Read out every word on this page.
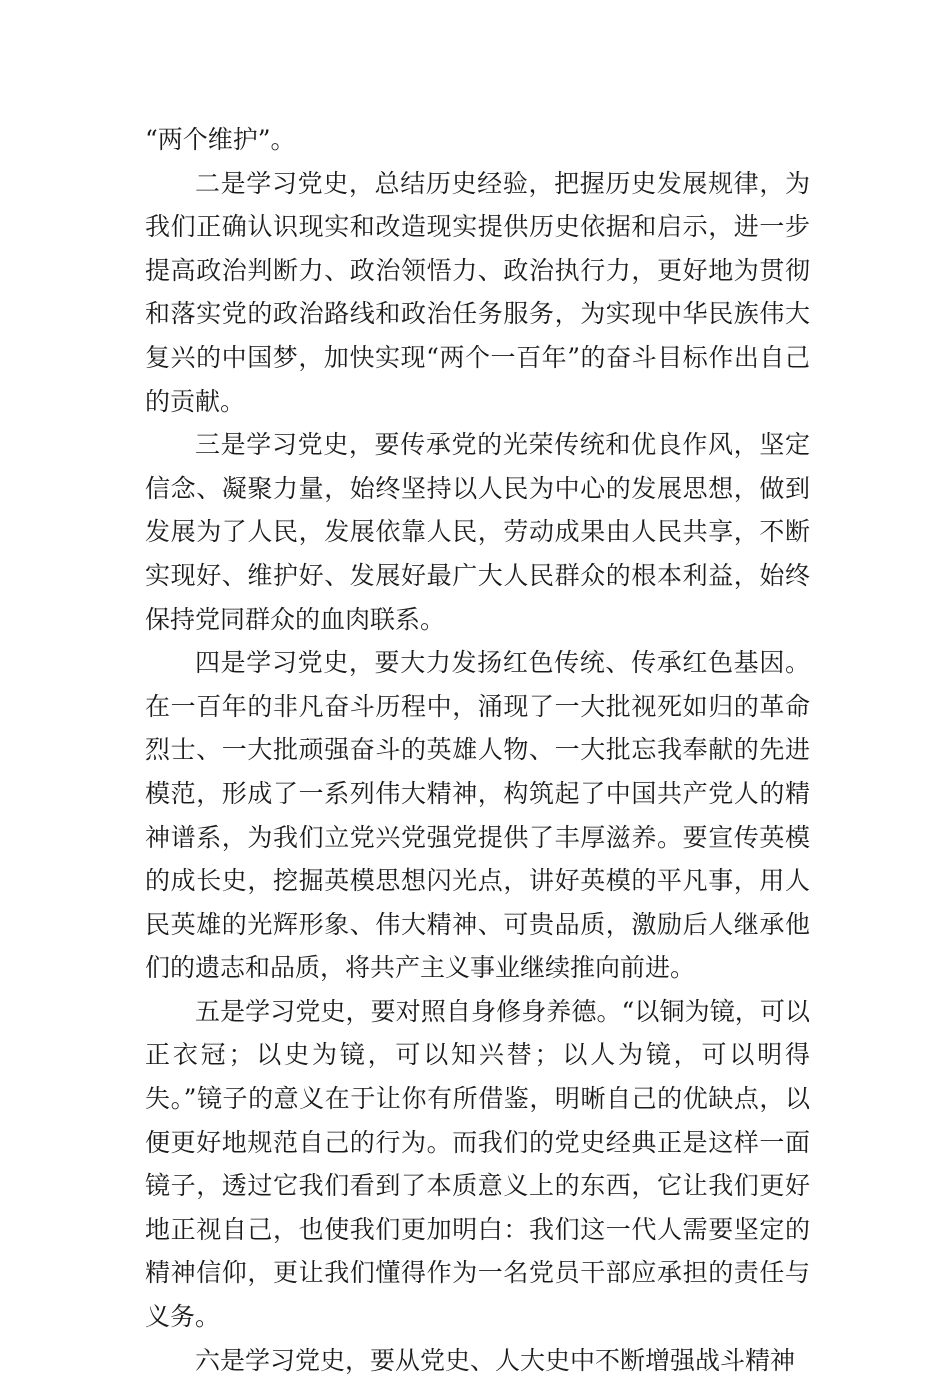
“两个维护”。

二是学习党史，总结历史经验，把握历史发展规律，为我们正确认识现实和改造现实提供历史依据和启示，进一步提高政治判断力、政治领悟力、政治执行力，更好地为贯彻和落实党的政治路线和政治任务服务，为实现中华民族伟大复兴的中国梦，加快实现“两个一百年”的奋斗目标作出自己的贡献。

三是学习党史，要传承党的光荣传统和优良作风，坚定信念、凝聚力量，始终坚持以人民为中心的发展思想，做到发展为了人民，发展依靠人民，劳动成果由人民共享，不断实现好、维护好、发展好最广大人民群众的根本利益，始终保持党同群众的血肉联系。

四是学习党史，要大力发扬红色传统、传承红色基因。在一百年的非凡奋斗历程中，涌现了一大批视死如归的革命烈士、一大批顽强奋斗的英雄人物、一大批忘我奉献的先进模范，形成了一系列伟大精神，构筑起了中国共产党人的精神谱系，为我们立党兴党强党提供了丰厚滋养。要宣传英模的成长史，挖掘英模思想闪光点，讲好英模的平凡事，用人民英雄的光辉形象、伟大精神、可贵品质，激励后人继承他们的遗志和品质，将共产主义事业继续推向前进。

五是学习党史，要对照自身修身养德。“以铜为镜，可以正衣冠；以史为镜，可以知兴替；以人为镜，可以明得失。”镜子的意义在于让你有所借鉴，明晰自己的优缺点，以便更好地规范自己的行为。而我们的党史经典正是这样一面镜子，透过它我们看到了本质意义上的东西，它让我们更好地正视自己，也使我们更加明白：我们这一代人需要坚定的精神信仰，更让我们懂得作为一名党员干部应承担的责任与义务。

六是学习党史，要从党史、人大史中不断增强战斗精神
